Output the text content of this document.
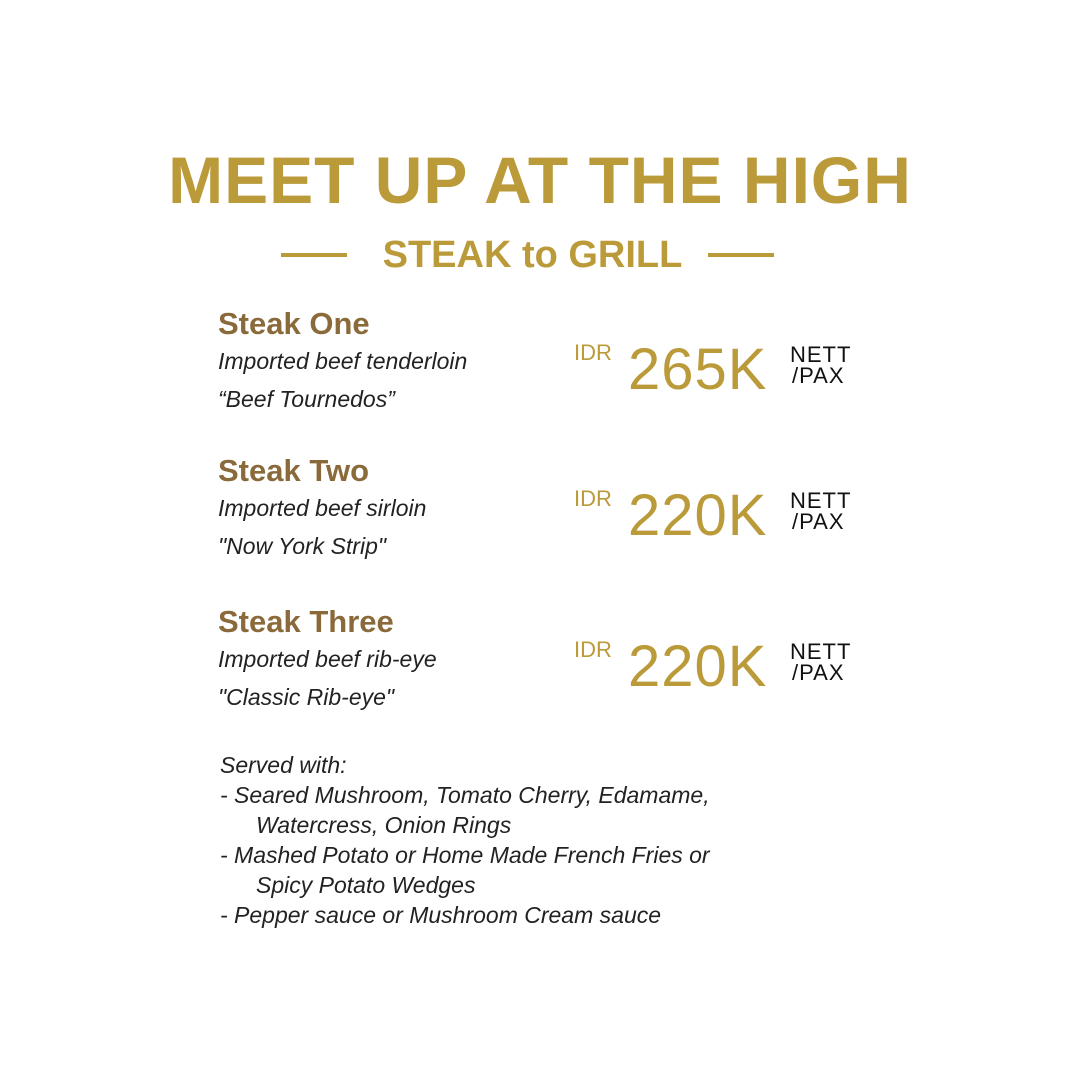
MEET UP AT THE HIGH
STEAK to GRILL
Steak One
Imported beef tenderloin
“Beef Tournedos”
IDR 265K NETT
/PAX
Steak Two
Imported beef sirloin
"Now York Strip"
IDR 220K NETT
/PAX
Steak Three
Imported beef rib-eye
"Classic Rib-eye"
IDR 220K NETT
/PAX
Served with:
- Seared Mushroom, Tomato Cherry, Edamame,
Watercress, Onion Rings
- Mashed Potato or Home Made French Fries or
Spicy Potato Wedges
- Pepper sauce or Mushroom Cream sauce
